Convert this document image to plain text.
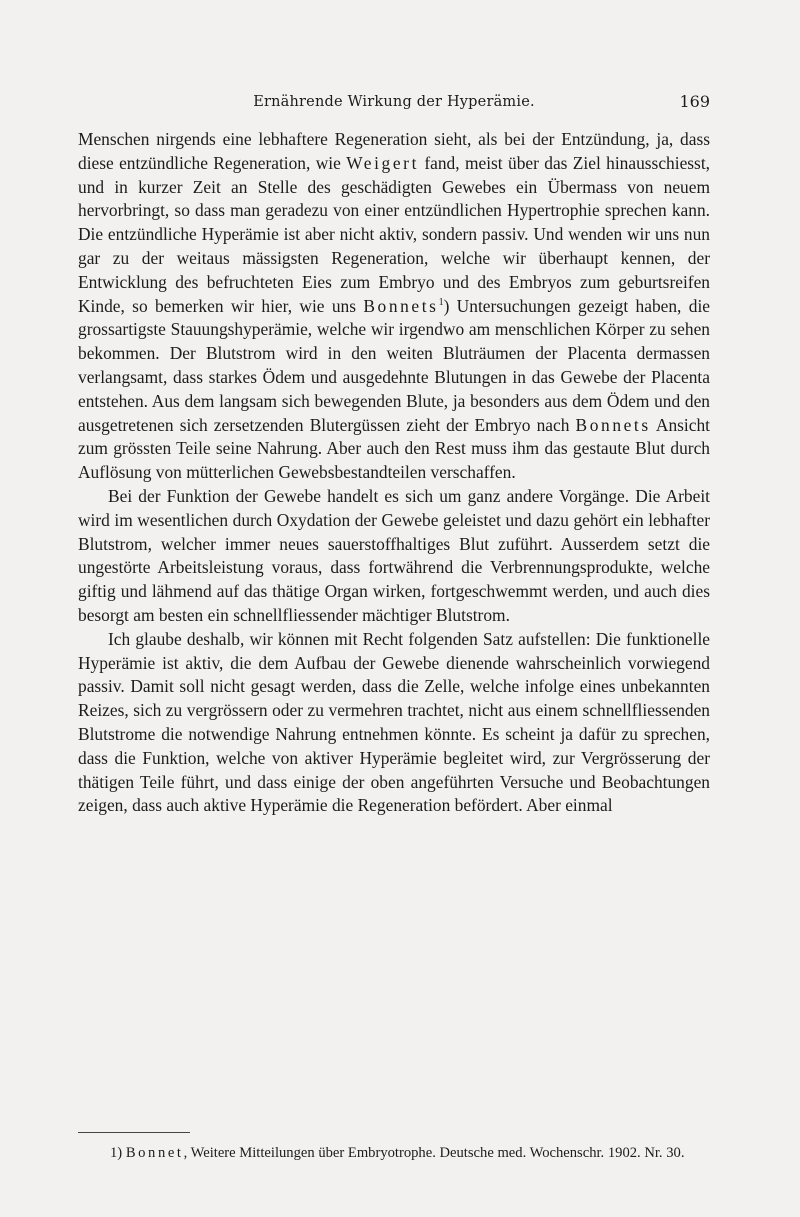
Ernährende Wirkung der Hyperämie.	169

Menschen nirgends eine lebhaftere Regeneration sieht, als bei der Entzündung, ja, dass diese entzündliche Regeneration, wie Weigert fand, meist über das Ziel hinausschiesst, und in kurzer Zeit an Stelle des geschädigten Gewebes ein Übermass von neuem hervorbringt, so dass man geradezu von einer entzündlichen Hypertrophie sprechen kann. Die entzündliche Hyperämie ist aber nicht aktiv, sondern passiv. Und wenden wir uns nun gar zu der weitaus mässigsten Regeneration, welche wir überhaupt kennen, der Entwicklung des befruchteten Eies zum Embryo und des Embryos zum geburtsreifen Kinde, so bemerken wir hier, wie uns Bonnets$^1$) Untersuchungen gezeigt haben, die grossartigste Stauungshyperämie, welche wir irgendwo am menschlichen Körper zu sehen bekommen. Der Blutstrom wird in den weiten Bluträumen der Placenta dermassen verlangsamt, dass starkes Ödem und ausgedehnte Blutungen in das Gewebe der Placenta entstehen. Aus dem langsam sich bewegenden Blute, ja besonders aus dem Ödem und den ausgetretenen sich zersetzenden Blutergüssen zieht der Embryo nach Bonnets Ansicht zum grössten Teile seine Nahrung. Aber auch den Rest muss ihm das gestaute Blut durch Auflösung von mütterlichen Gewebsbestandteilen verschaffen.

Bei der Funktion der Gewebe handelt es sich um ganz andere Vorgänge. Die Arbeit wird im wesentlichen durch Oxydation der Gewebe geleistet und dazu gehört ein lebhafter Blutstrom, welcher immer neues sauerstoffhaltiges Blut zuführt. Ausserdem setzt die ungestörte Arbeitsleistung voraus, dass fortwährend die Verbrennungsprodukte, welche giftig und lähmend auf das thätige Organ wirken, fortgeschwemmt werden, und auch dies besorgt am besten ein schnellfliessender mächtiger Blutstrom.

Ich glaube deshalb, wir können mit Recht folgenden Satz aufstellen: Die funktionelle Hyperämie ist aktiv, die dem Aufbau der Gewebe dienende wahrscheinlich vorwiegend passiv. Damit soll nicht gesagt werden, dass die Zelle, welche infolge eines unbekannten Reizes, sich zu vergrössern oder zu vermehren trachtet, nicht aus einem schnellfliessenden Blutstrome die notwendige Nahrung entnehmen könnte. Es scheint ja dafür zu sprechen, dass die Funktion, welche von aktiver Hyperämie begleitet wird, zur Vergrösserung der thätigen Teile führt, und dass einige der oben angeführten Versuche und Beobachtungen zeigen, dass auch aktive Hyperämie die Regeneration befördert. Aber einmal

1) Bonnet, Weitere Mitteilungen über Embryotrophe. Deutsche med. Wochenschr. 1902. Nr. 30.
